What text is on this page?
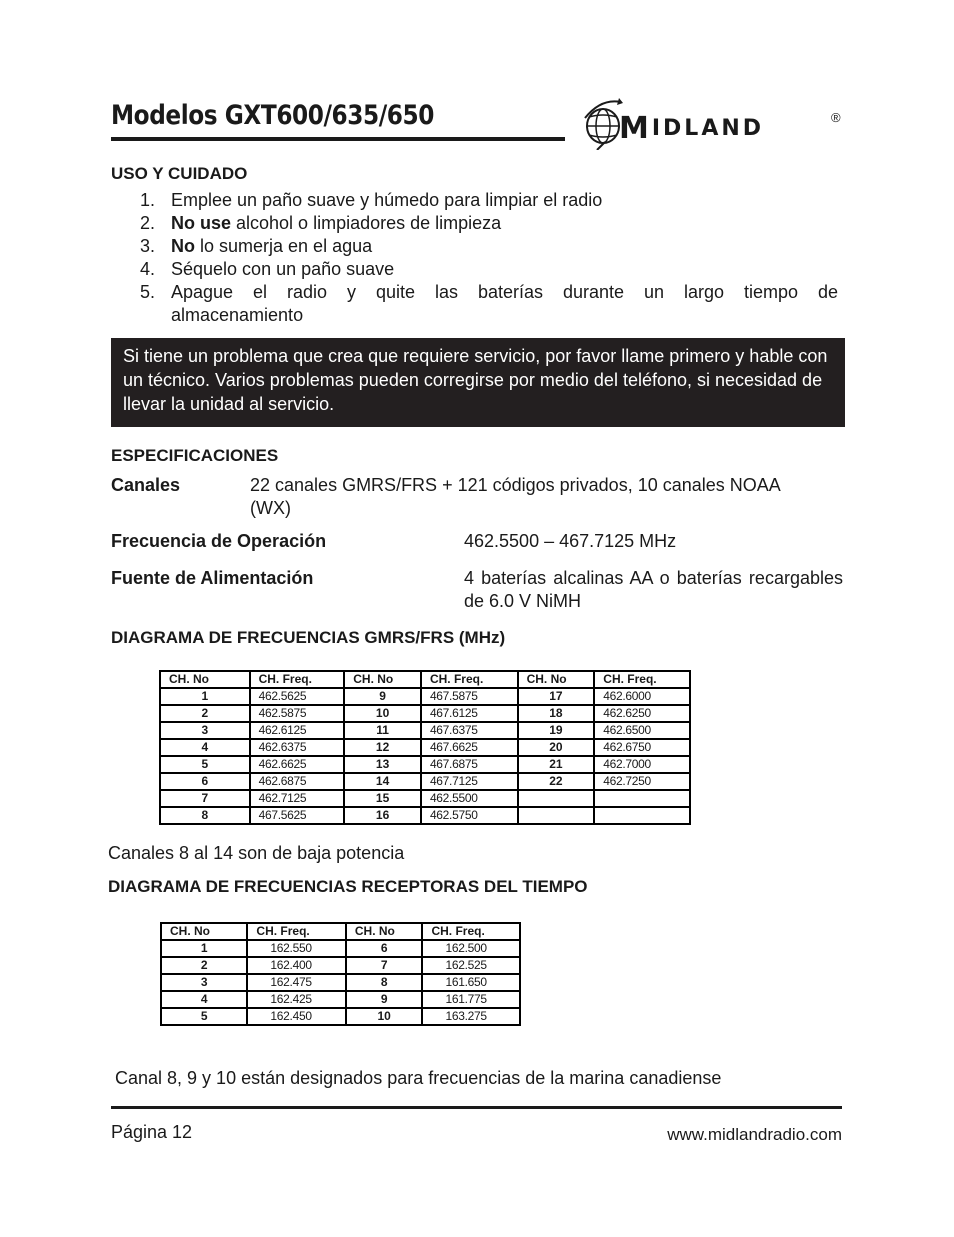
Modelos GXT600/635/650	MIDLAND	®
USO Y CUIDADO
1. Emplee un paño suave y húmedo para limpiar el radio
2. No use alcohol o limpiadores de limpieza
3. No lo sumerja en el agua
4. Séquelo con un paño suave
5. Apague el radio y quite las baterías durante un largo tiempo de
almacenamiento
Si tiene un problema que crea que requiere servicio, por favor llame primero y hable con un técnico. Varios problemas pueden corregirse por medio del teléfono, si necesidad de llevar la unidad al servicio.
ESPECIFICACIONES
Canales	22 canales GMRS/FRS + 121 códigos privados, 10 canales NOAA (WX)
Frecuencia de Operación	462.5500 – 467.7125 MHz
Fuente de Alimentación	4 baterías alcalinas AA o baterías recargables de 6.0 V NiMH
DIAGRAMA DE FRECUENCIAS GMRS/FRS (MHz)
CH. No	CH. Freq.	CH. No	CH. Freq.	CH. No	CH. Freq.
1	462.5625	9	467.5875	17	462.6000
2	462.5875	10	467.6125	18	462.6250
3	462.6125	11	467.6375	19	462.6500
4	462.6375	12	467.6625	20	462.6750
5	462.6625	13	467.6875	21	462.7000
6	462.6875	14	467.7125	22	462.7250
7	462.7125	15	462.5500		
8	467.5625	16	462.5750		
Canales 8 al 14 son de baja potencia
DIAGRAMA DE FRECUENCIAS RECEPTORAS DEL TIEMPO
CH. No	CH. Freq.	CH. No	CH. Freq.
1	162.550	6	162.500
2	162.400	7	162.525
3	162.475	8	161.650
4	162.425	9	161.775
5	162.450	10	163.275
Canal 8, 9 y 10 están designados para frecuencias de la marina canadiense
Página 12	www.midlandradio.com
